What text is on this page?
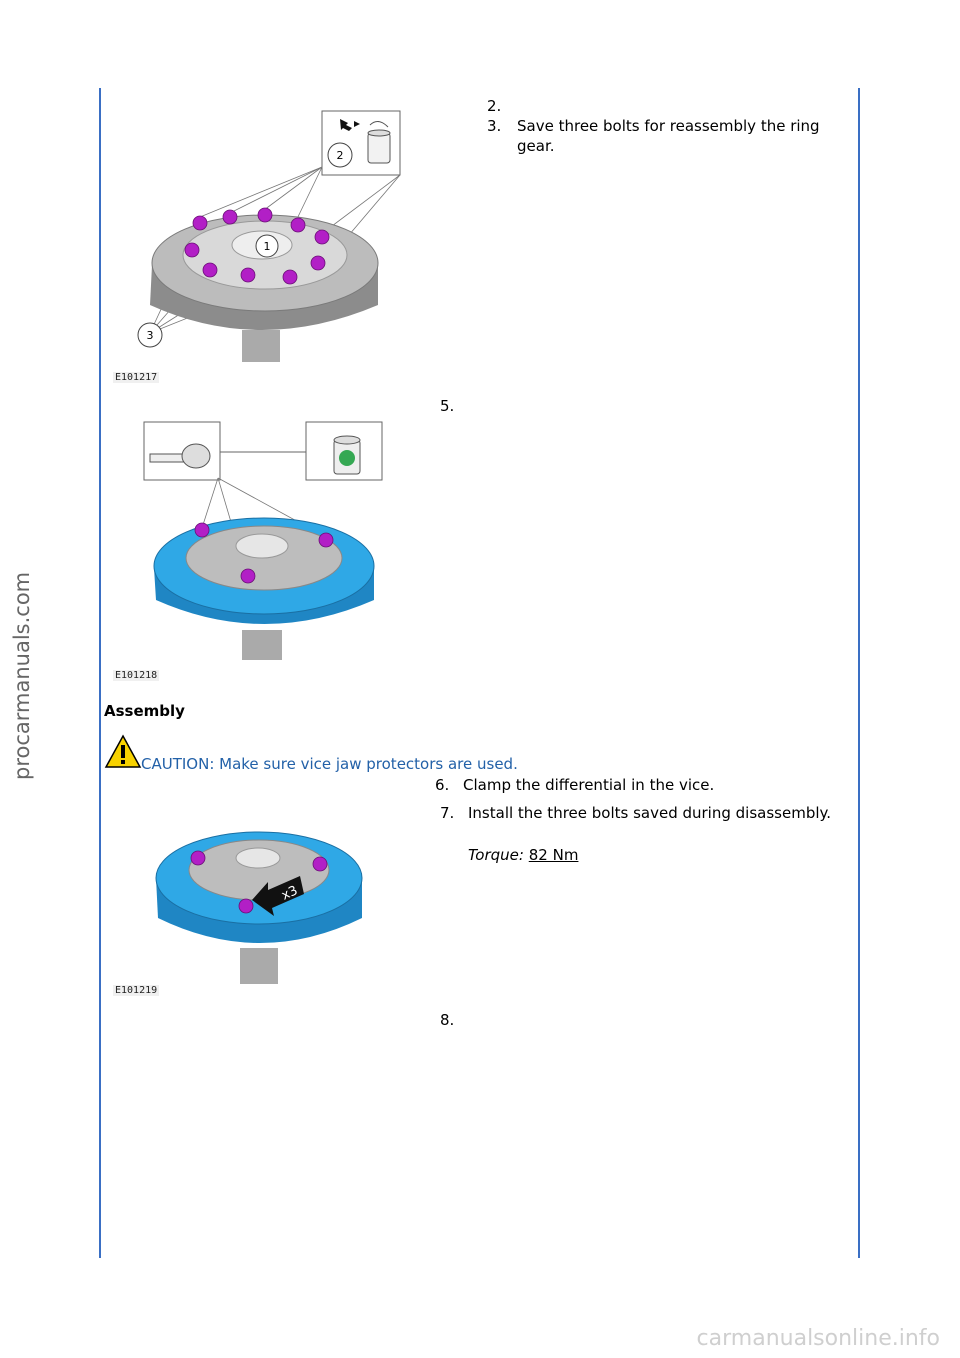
procarmanuals.com
2.
3. Save three bolts for reassembly the ring gear.
2
1
3
E101217
5.
E101218
Assembly
CAUTION: Make sure vice jaw protectors are used.
6. Clamp the differential in the vice.
7. Install the three bolts saved during disassembly.
Torque: 82 Nm
x3
E101219
8.
carmanualsonline.info
